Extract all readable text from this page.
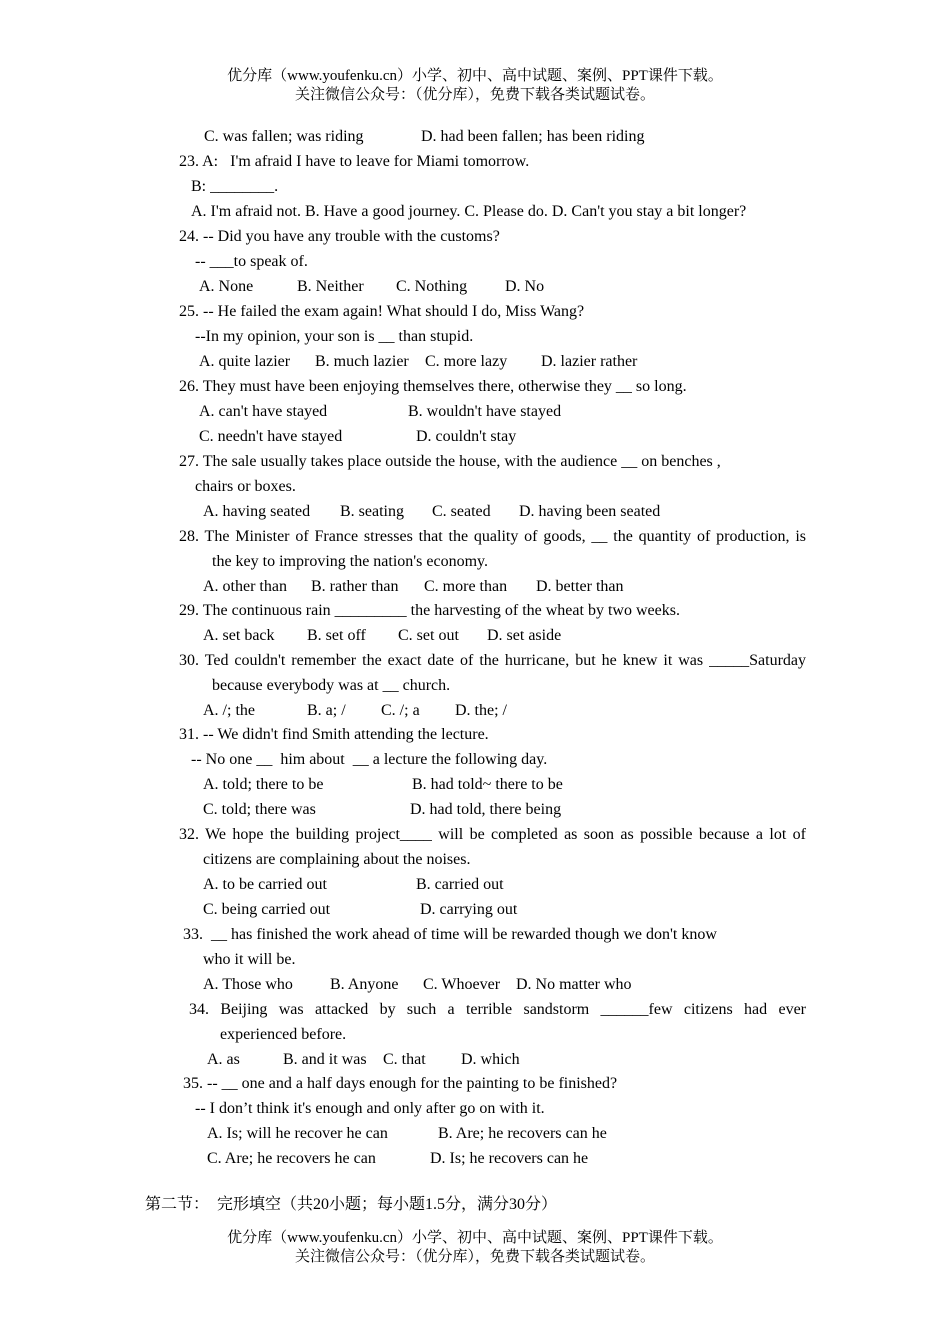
优分库（www.youfenku.cn）小学、初中、高中试题、案例、PPT课件下载。
关注微信公众号：（优分库），免费下载各类试题试卷。
C. was fallen; was riding	D. had been fallen; has been riding
23. A:   I'm afraid I have to leave for Miami tomorrow.
B: ________.
A. I'm afraid not. B. Have a good journey. C. Please do. D. Can't you stay a bit longer?
24. -- Did you have any trouble with the customs?
-- ___to speak of.
A. None	B. Neither C. Nothing D. No
25. -- He failed the exam again! What should I do, Miss Wang?
--In my opinion, your son is __ than stupid.
A. quite lazier B. much lazier C. more lazy D. lazier rather
26. They must have been enjoying themselves there, otherwise they __ so long.
A. can't have stayed	B. wouldn't have stayed
C. needn't have stayed	D. couldn't stay
27. The sale usually takes place outside the house, with the audience __ on benches ,
chairs or boxes.
A. having seated B. seating C. seated D. having been seated
28. The Minister of France stresses that the quality of goods, __ the quantity of production, is
the key to improving the nation's economy.
A. other than B. rather than C. more than D. better than
29. The continuous rain _________ the harvesting of the wheat by two weeks.
A. set back B. set off C. set out D. set aside
30. Ted couldn't remember the exact date of the hurricane, but he knew it was _____Saturday
because everybody was at __ church.
A. /; the	B. a; / C. /; a D. the; /
31. -- We didn't find Smith attending the lecture.
-- No one __  him about  __ a lecture the following day.
A. told; there to be	B. had told~ there to be
C. told; there was	D. had told, there being
32. We hope the building project____ will be completed as soon as possible because a lot of
citizens are complaining about the noises.
A. to be carried out	B. carried out
C. being carried out	D. carrying out
33.  __ has finished the work ahead of time will be rewarded though we don't know
who it will be.
A. Those who B. Anyone C. Whoever D. No matter who
34. Beijing was attacked by such a terrible sandstorm ______few citizens had ever
experienced before.
A. as	B. and it was C. that D. which
35. -- __ one and a half days enough for the painting to be finished?
-- I don’t think it's enough and only after go on with it.
A. Is; will he recover he can	B. Are; he recovers can he
C. Are; he recovers he can	D. Is; he recovers can he
第二节：  完形填空（共20小题；每小题1.5分，满分30分）
优分库（www.youfenku.cn）小学、初中、高中试题、案例、PPT课件下载。
关注微信公众号：（优分库），免费下载各类试题试卷。
